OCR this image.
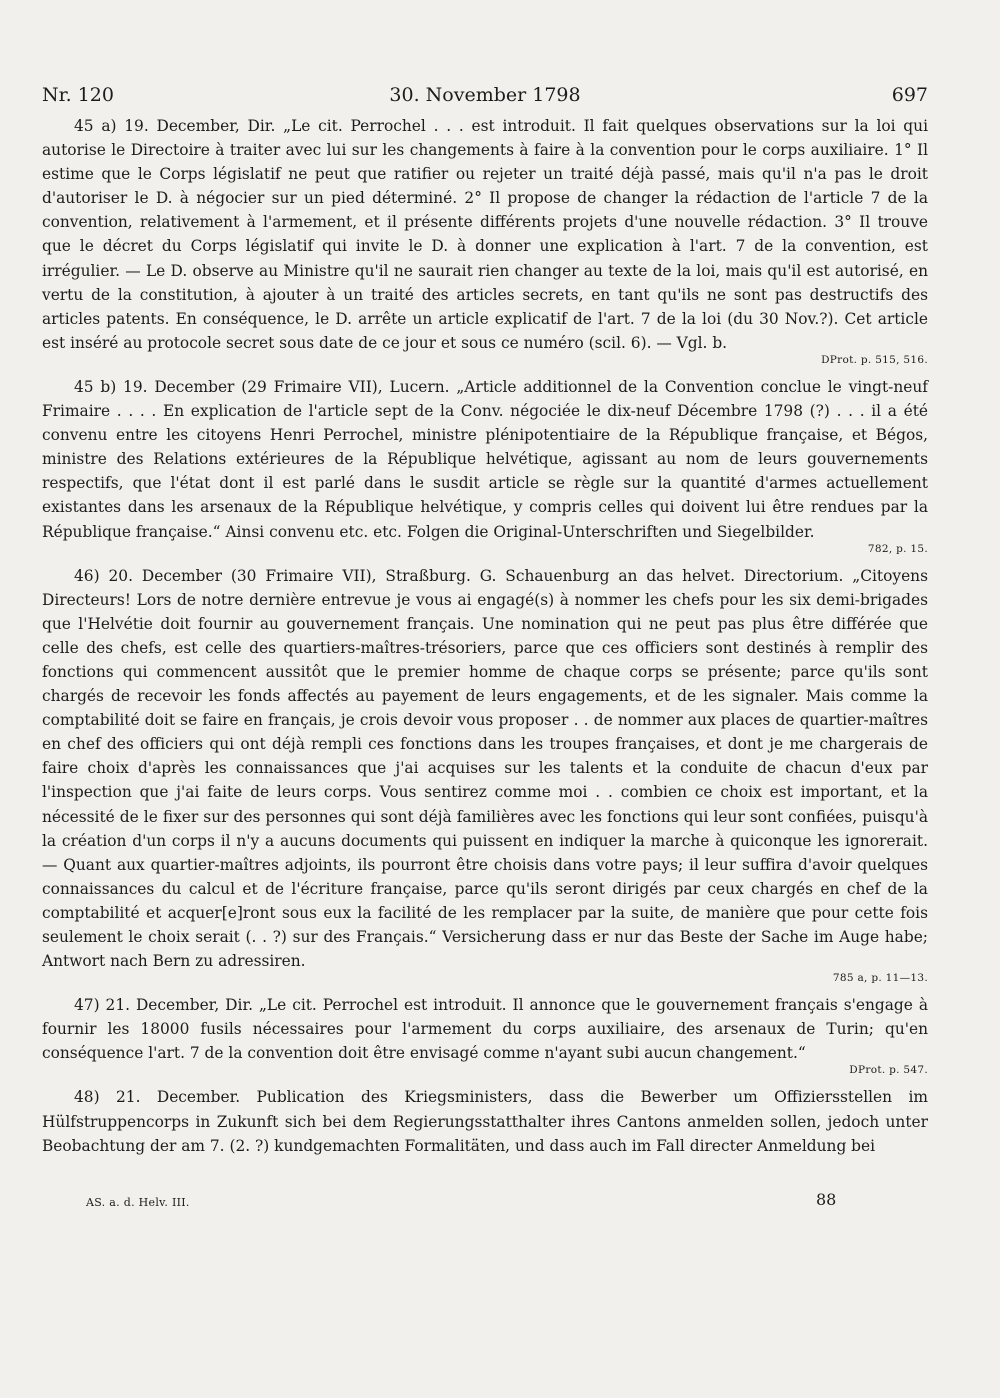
Nr. 120	30. November 1798	697

45 a) 19. December, Dir. „Le cit. Perrochel . . . est introduit. Il fait quelques observations sur la loi qui autorise le Directoire à traiter avec lui sur les changements à faire à la convention pour le corps auxiliaire. 1° Il estime que le Corps législatif ne peut que ratifier ou rejeter un traité déjà passé, mais qu'il n'a pas le droit d'autoriser le D. à négocier sur un pied déterminé. 2° Il propose de changer la rédaction de l'article 7 de la convention, relativement à l'armement, et il présente différents projets d'une nouvelle rédaction. 3° Il trouve que le décret du Corps législatif qui invite le D. à donner une explication à l'art. 7 de la convention, est irrégulier. — Le D. observe au Ministre qu'il ne saurait rien changer au texte de la loi, mais qu'il est autorisé, en vertu de la constitution, à ajouter à un traité des articles secrets, en tant qu'ils ne sont pas destructifs des articles patents. En conséquence, le D. arrête un article explicatif de l'art. 7 de la loi (du 30 Nov.?). Cet article est inséré au protocole secret sous date de ce jour et sous ce numéro (scil. 6). — Vgl. b.

DProt. p. 515, 516.

45 b) 19. December (29 Frimaire VII), Lucern. „Article additionnel de la Convention conclue le vingt-neuf Frimaire . . . . En explication de l'article sept de la Conv. négociée le dix-neuf Décembre 1798 (?) . . . il a été convenu entre les citoyens Henri Perrochel, ministre plénipotentiaire de la République française, et Bégos, ministre des Relations extérieures de la République helvétique, agissant au nom de leurs gouvernements respectifs, que l'état dont il est parlé dans le susdit article se règle sur la quantité d'armes actuellement existantes dans les arsenaux de la République helvétique, y compris celles qui doivent lui être rendues par la République française.“ Ainsi convenu etc. etc. Folgen die Original-Unterschriften und Siegelbilder.

782, p. 15.

46) 20. December (30 Frimaire VII), Straßburg. G. Schauenburg an das helvet. Directorium. „Citoyens Directeurs! Lors de notre dernière entrevue je vous ai engagé(s) à nommer les chefs pour les six demi-brigades que l'Helvétie doit fournir au gouvernement français. Une nomination qui ne peut pas plus être différée que celle des chefs, est celle des quartiers-maîtres-trésoriers, parce que ces officiers sont destinés à remplir des fonctions qui commencent aussitôt que le premier homme de chaque corps se présente; parce qu'ils sont chargés de recevoir les fonds affectés au payement de leurs engagements, et de les signaler. Mais comme la comptabilité doit se faire en français, je crois devoir vous proposer . . de nommer aux places de quartier-maîtres en chef des officiers qui ont déjà rempli ces fonctions dans les troupes françaises, et dont je me chargerais de faire choix d'après les connaissances que j'ai acquises sur les talents et la conduite de chacun d'eux par l'inspection que j'ai faite de leurs corps. Vous sentirez comme moi . . combien ce choix est important, et la nécessité de le fixer sur des personnes qui sont déjà familières avec les fonctions qui leur sont confiées, puisqu'à la création d'un corps il n'y a aucuns documents qui puissent en indiquer la marche à quiconque les ignorerait. — Quant aux quartier-maîtres adjoints, ils pourront être choisis dans votre pays; il leur suffira d'avoir quelques connaissances du calcul et de l'écriture française, parce qu'ils seront dirigés par ceux chargés en chef de la comptabilité et acquer[e]ront sous eux la facilité de les remplacer par la suite, de manière que pour cette fois seulement le choix serait (. . ?) sur des Français.“ Versicherung dass er nur das Beste der Sache im Auge habe; Antwort nach Bern zu adressiren.

785 a, p. 11—13.

47) 21. December, Dir. „Le cit. Perrochel est introduit. Il annonce que le gouvernement français s'engage à fournir les 18000 fusils nécessaires pour l'armement du corps auxiliaire, des arsenaux de Turin; qu'en conséquence l'art. 7 de la convention doit être envisagé comme n'ayant subi aucun changement.“

DProt. p. 547.

48) 21. December. Publication des Kriegsministers, dass die Bewerber um Offiziersstellen im Hülfstruppencorps in Zukunft sich bei dem Regierungsstatthalter ihres Cantons anmelden sollen, jedoch unter Beobachtung der am 7. (2. ?) kundgemachten Formalitäten, und dass auch im Fall directer Anmeldung bei

AS. a. d. Helv. III.	88
